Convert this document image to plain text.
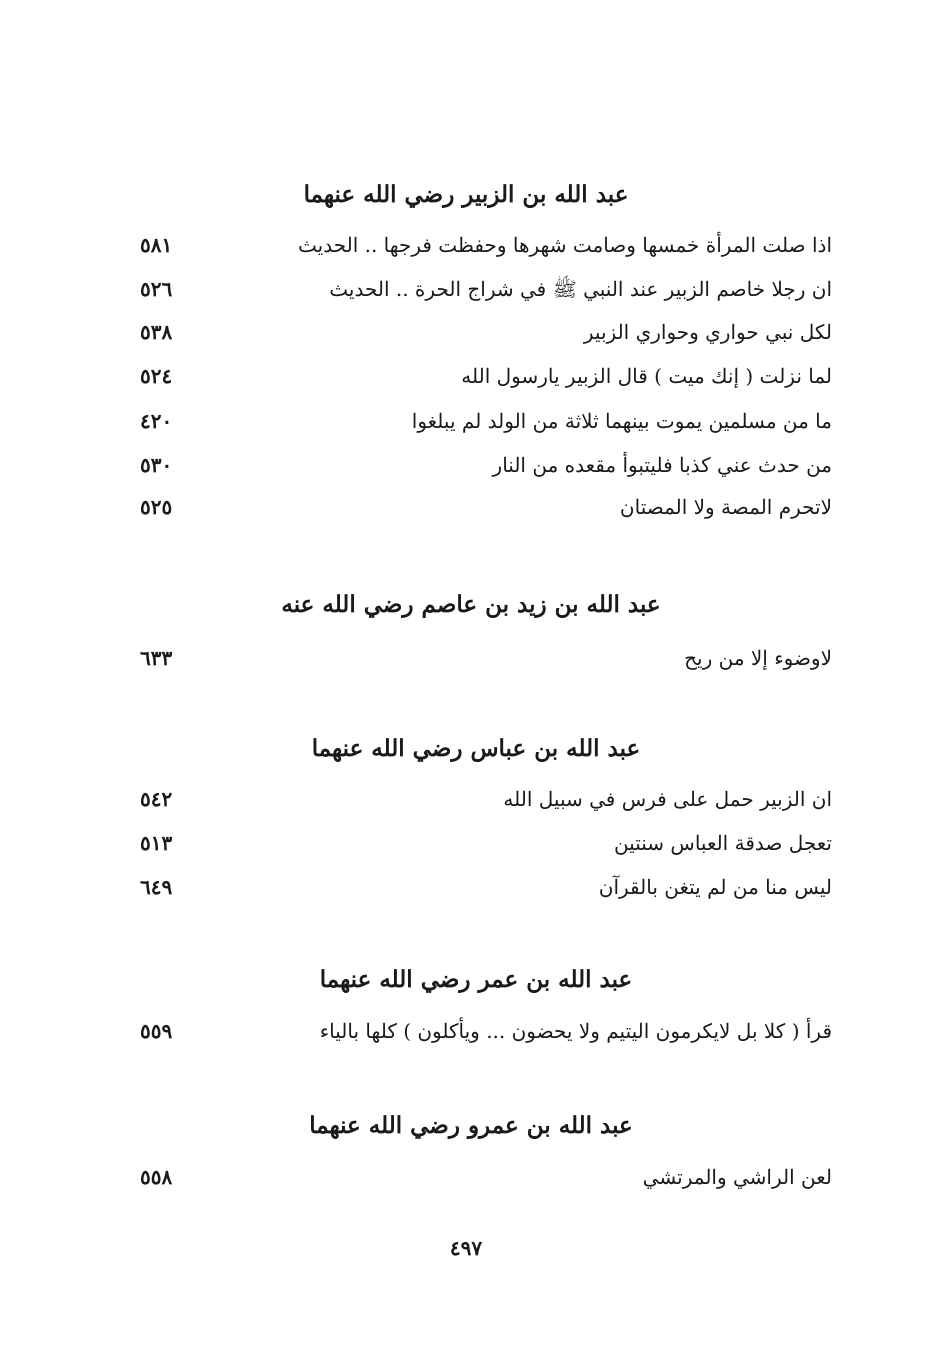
عبد الله بن الزبير رضي الله عنهما
اذا صلت المرأة خمسها وصامت شهرها وحفظت فرجها .. الحديث
٥٨١
ان رجلا خاصم الزبير عند النبي ﷺ في شراج الحرة .. الحديث
٥٢٦
لكل نبي حواري وحواري الزبير
٥٣٨
لما نزلت ( إنك ميت ) قال الزبير يارسول الله
٥٢٤
ما من مسلمين يموت بينهما ثلاثة من الولد لم يبلغوا
٤٢٠
من حدث عني كذبا فليتبوأ مقعده من النار
٥٣٠
لاتحرم المصة ولا المصتان
٥٢٥
عبد الله بن زيد بن عاصم رضي الله عنه
لاوضوء إلا من ريح
٦٣٣
عبد الله بن عباس رضي الله عنهما
ان الزبير حمل على فرس في سبيل الله
٥٤٢
تعجل صدقة العباس سنتين
٥١٣
ليس منا من لم يتغن بالقرآن
٦٤٩
عبد الله بن عمر رضي الله عنهما
قرأ ( كلا بل لايكرمون اليتيم ولا يحضون ... ويأكلون ) كلها بالياء
٥٥٩
عبد الله بن عمرو رضي الله عنهما
لعن الراشي والمرتشي
٥٥٨
٤٩٧
